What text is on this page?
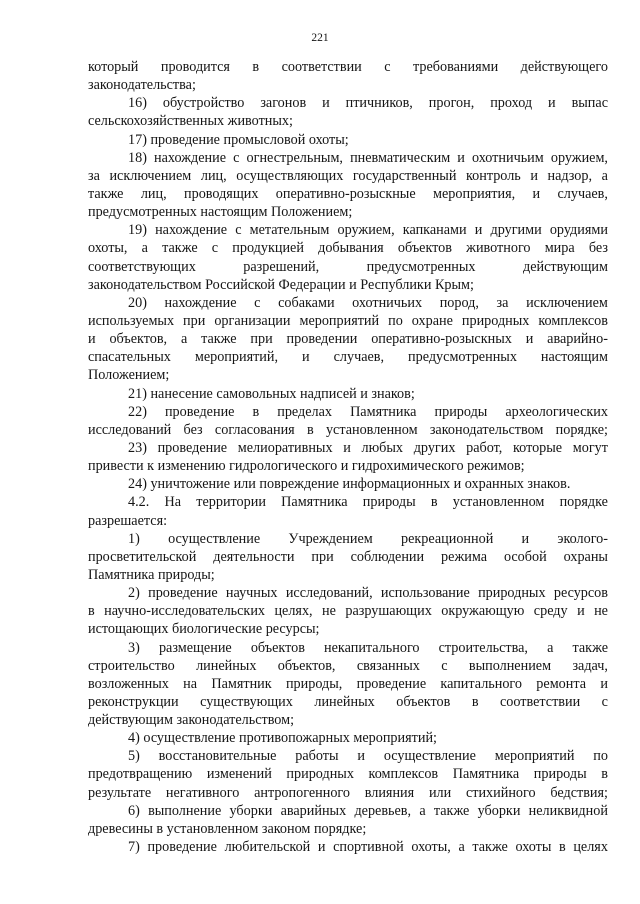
221
который проводится в соответствии с требованиями действующего
законодательства;
16) обустройство загонов и птичников, прогон, проход и выпас
сельскохозяйственных животных;
17) проведение промысловой охоты;
18) нахождение с огнестрельным, пневматическим и охотничьим оружием,
за исключением лиц, осуществляющих государственный контроль и надзор, а
также лиц, проводящих оперативно-розыскные мероприятия, и случаев,
предусмотренных настоящим Положением;
19) нахождение с метательным оружием, капканами и другими орудиями
охоты, а также с продукцией добывания объектов животного мира без
соответствующих	разрешений,	предусмотренных	действующим
законодательством Российской Федерации и Республики Крым;
20) нахождение с собаками охотничьих пород, за исключением
используемых при организации мероприятий по охране природных комплексов
и объектов, а также при проведении оперативно-розыскных и аварийно-
спасательных мероприятий, и случаев, предусмотренных настоящим
Положением;
21) нанесение самовольных надписей и знаков;
22) проведение в пределах Памятника природы археологических
исследований без согласования в установленном законодательством порядке;
23) проведение мелиоративных и любых других работ, которые могут
привести к изменению гидрологического и гидрохимического режимов;
24) уничтожение или повреждение информационных и охранных знаков.
4.2. На территории Памятника природы в установленном порядке
разрешается:
1) осуществление Учреждением рекреационной и эколого-
просветительской деятельности при соблюдении режима особой охраны
Памятника природы;
2) проведение научных исследований, использование природных ресурсов
в научно-исследовательских целях, не разрушающих окружающую среду и не
истощающих биологические ресурсы;
3) размещение объектов некапитального строительства, а также
строительство линейных объектов, связанных с выполнением задач,
возложенных на Памятник природы, проведение капитального ремонта и
реконструкции существующих линейных объектов в соответствии с
действующим законодательством;
4) осуществление противопожарных мероприятий;
5) восстановительные работы и осуществление мероприятий по
предотвращению изменений природных комплексов Памятника природы в
результате негативного антропогенного влияния или стихийного бедствия;
6) выполнение уборки аварийных деревьев, а также уборки неликвидной
древесины в установленном законом порядке;
7) проведение любительской и спортивной охоты, а также охоты в целях
